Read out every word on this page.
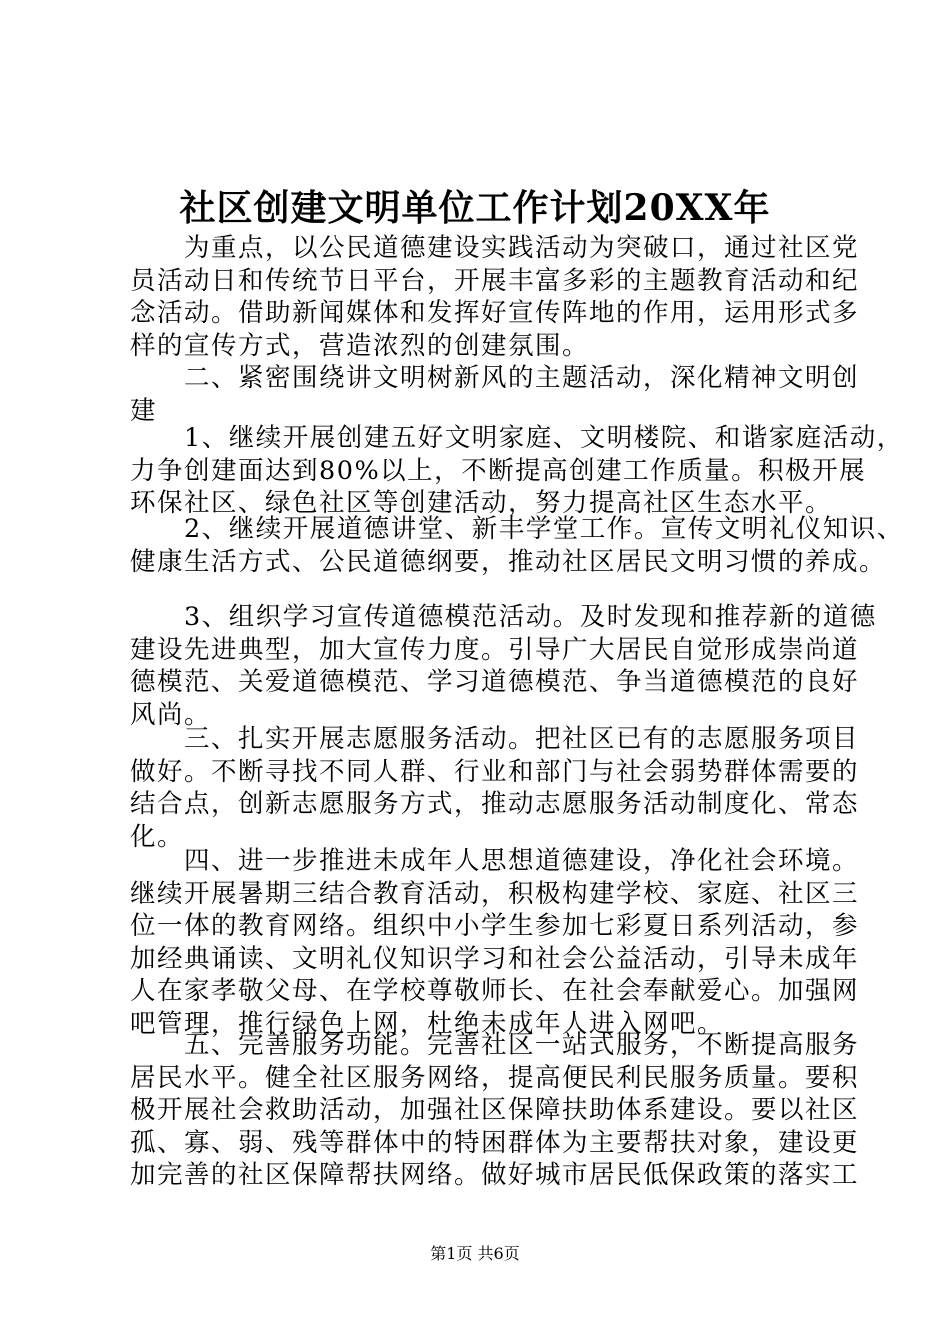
社区创建文明单位工作计划20XX年
　　为重点，以公民道德建设实践活动为突破口，通过社区党
员活动日和传统节日平台，开展丰富多彩的主题教育活动和纪
念活动。借助新闻媒体和发挥好宣传阵地的作用，运用形式多
样的宣传方式，营造浓烈的创建氛围。
　　二、紧密围绕讲文明树新风的主题活动，深化精神文明创
建
　　1、继续开展创建五好文明家庭、文明楼院、和谐家庭活动，
力争创建面达到80%以上，不断提高创建工作质量。积极开展
环保社区、绿色社区等创建活动，努力提高社区生态水平。
　　2、继续开展道德讲堂、新丰学堂工作。宣传文明礼仪知识、
健康生活方式、公民道德纲要，推动社区居民文明习惯的养成。
　　3、组织学习宣传道德模范活动。及时发现和推荐新的道德
建设先进典型，加大宣传力度。引导广大居民自觉形成崇尚道
德模范、关爱道德模范、学习道德模范、争当道德模范的良好
风尚。
　　三、扎实开展志愿服务活动。把社区已有的志愿服务项目
做好。不断寻找不同人群、行业和部门与社会弱势群体需要的
结合点，创新志愿服务方式，推动志愿服务活动制度化、常态
化。
　　四、进一步推进未成年人思想道德建设，净化社会环境。
继续开展暑期三结合教育活动，积极构建学校、家庭、社区三
位一体的教育网络。组织中小学生参加七彩夏日系列活动，参
加经典诵读、文明礼仪知识学习和社会公益活动，引导未成年
人在家孝敬父母、在学校尊敬师长、在社会奉献爱心。加强网
吧管理，推行绿色上网，杜绝未成年人进入网吧。
　　五、完善服务功能。完善社区一站式服务，不断提高服务
居民水平。健全社区服务网络，提高便民利民服务质量。要积
极开展社会救助活动，加强社区保障扶助体系建设。要以社区
孤、寡、弱、残等群体中的特困群体为主要帮扶对象，建设更
加完善的社区保障帮扶网络。做好城市居民低保政策的落实工
第1页 共6页
